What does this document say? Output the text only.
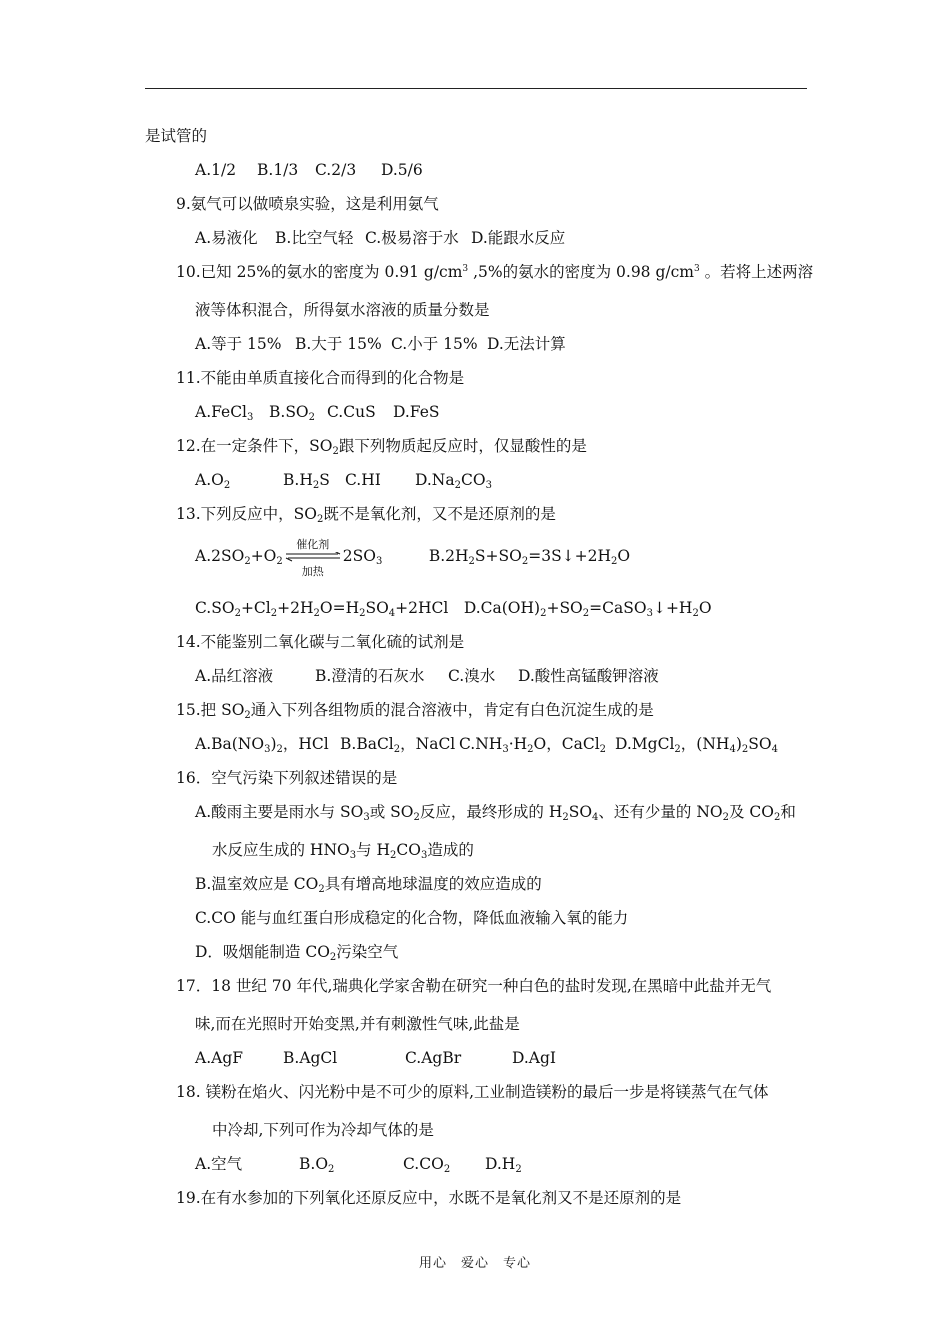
是试管的
A.1/2 B.1/3 C.2/3 D.5/6
9.氨气可以做喷泉实验，这是利用氨气
A.易液化 B.比空气轻 C.极易溶于水 D.能跟水反应
10.已知 25%的氨水的密度为 0.91 $g/cm^3$ ,5%的氨水的密度为 0.98 $g/cm^3$ 。若将上述两溶
液等体积混合，所得氨水溶液的质量分数是
A.等于 15% B.大于 15% C.小于 15% D.无法计算
11.不能由单质直接化合而得到的化合物是
A.FeCl$_3$ $B.SO_2$ C.CuS D.FeS
12.在一定条件下，$SO_2$跟下列物质起反应时，仅显酸性的是
$A.O_2$	$B.H_2S$ C.HI $D.Na_2CO_3$
13.下列反应中，$SO_2$既不是氧化剂，又不是还原剂的是
$A.2SO_2+O_2$
催化剂
加热
$2SO_3$　　　$B.2H_2S+SO_2=3S↓+2H_2O$
$C.SO_2+Cl_2+2H_2O=H_2SO_4+2HCl$　$D.Ca(OH)_2+SO_2=CaSO_3↓+H_2O$
14.不能鉴别二氧化碳与二氧化硫的试剂是
A.品红溶液	B.澄清的石灰水 C.溴水 D.酸性高锰酸钾溶液
15.把 $SO_2$通入下列各组物质的混合溶液中，肯定有白色沉淀生成的是
$A.Ba(NO_3)_2$，HCl B.BaCl$_2$，NaCl $C.NH_3\cdot H_2O$，CaCl$_2$ D.MgCl$_2$，$(NH_4)_2SO_4$
16．空气污染下列叙述错误的是
A.酸雨主要是雨水与 $SO_3$或 $SO_2$反应，最终形成的 $H_2SO_4$、还有少量的 $NO_2$及 $CO_2$和
水反应生成的 $HNO_3$与 $H_2CO_3$造成的
B.温室效应是 $CO_2$具有增高地球温度的效应造成的
C.CO 能与血红蛋白形成稳定的化合物，降低血液输入氧的能力
D．吸烟能制造 $CO_2$污染空气
17．18 世纪 70 年代,瑞典化学家舍勒在研究一种白色的盐时发现,在黑暗中此盐并无气
味,而在光照时开始变黑,并有刺激性气味,此盐是
A.AgF	B.AgCl	C.AgBr	D.AgI
18. 镁粉在焰火、闪光粉中是不可少的原料,工业制造镁粉的最后一步是将镁蒸气在气体
中冷却,下列可作为冷却气体的是
A.空气	$B.O_2$	$C.CO_2$ $D.H_2$
19.在有水参加的下列氧化还原反应中，水既不是氧化剂又不是还原剂的是
用心　爱心　专心
